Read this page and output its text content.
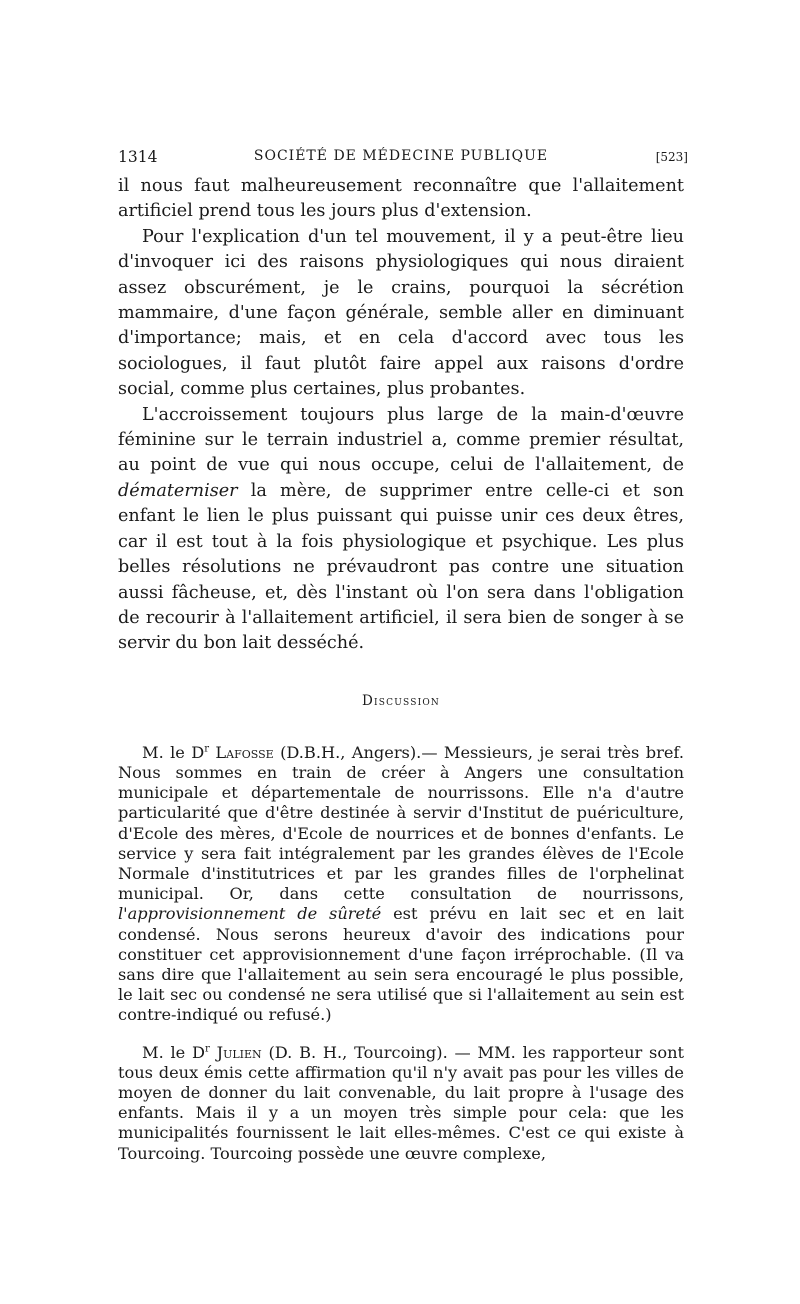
1314	SOCIÉTÉ DE MÉDECINE PUBLIQUE	[523]

il nous faut malheureusement reconnaître que l'allaitement artificiel prend tous les jours plus d'extension.

Pour l'explication d'un tel mouvement, il y a peut-être lieu d'invoquer ici des raisons physiologiques qui nous diraient assez obscurément, je le crains, pourquoi la sécrétion mammaire, d'une façon générale, semble aller en diminuant d'importance; mais, et en cela d'accord avec tous les sociologues, il faut plutôt faire appel aux raisons d'ordre social, comme plus certaines, plus probantes.

L'accroissement toujours plus large de la main-d'œuvre féminine sur le terrain industriel a, comme premier résultat, au point de vue qui nous occupe, celui de l'allaitement, de dématerniser la mère, de supprimer entre celle-ci et son enfant le lien le plus puissant qui puisse unir ces deux êtres, car il est tout à la fois physiologique et psychique. Les plus belles résolutions ne prévaudront pas contre une situation aussi fâcheuse, et, dès l'instant où l'on sera dans l'obligation de recourir à l'allaitement artificiel, il sera bien de songer à se servir du bon lait desséché.

Discussion

M. le $D^r$ Lafosse (D.B.H., Angers).— Messieurs, je serai très bref. Nous sommes en train de créer à Angers une consultation municipale et départementale de nourrissons. Elle n'a d'autre particularité que d'être destinée à servir d'Institut de puériculture, d'Ecole des mères, d'Ecole de nourrices et de bonnes d'enfants. Le service y sera fait intégralement par les grandes élèves de l'Ecole Normale d'institutrices et par les grandes filles de l'orphelinat municipal. Or, dans cette consultation de nourrissons, l'approvisionnement de sûreté est prévu en lait sec et en lait condensé. Nous serons heureux d'avoir des indications pour constituer cet approvisionnement d'une façon irréprochable. (Il va sans dire que l'allaitement au sein sera encouragé le plus possible, le lait sec ou condensé ne sera utilisé que si l'allaitement au sein est contre-indiqué ou refusé.)

M. le $D^r$ Julien (D. B. H., Tourcoing). — MM. les rapporteur sont tous deux émis cette affirmation qu'il n'y avait pas pour les villes de moyen de donner du lait convenable, du lait propre à l'usage des enfants. Mais il y a un moyen très simple pour cela: que les municipalités fournissent le lait elles-mêmes. C'est ce qui existe à Tourcoing. Tourcoing possède une œuvre complexe,
